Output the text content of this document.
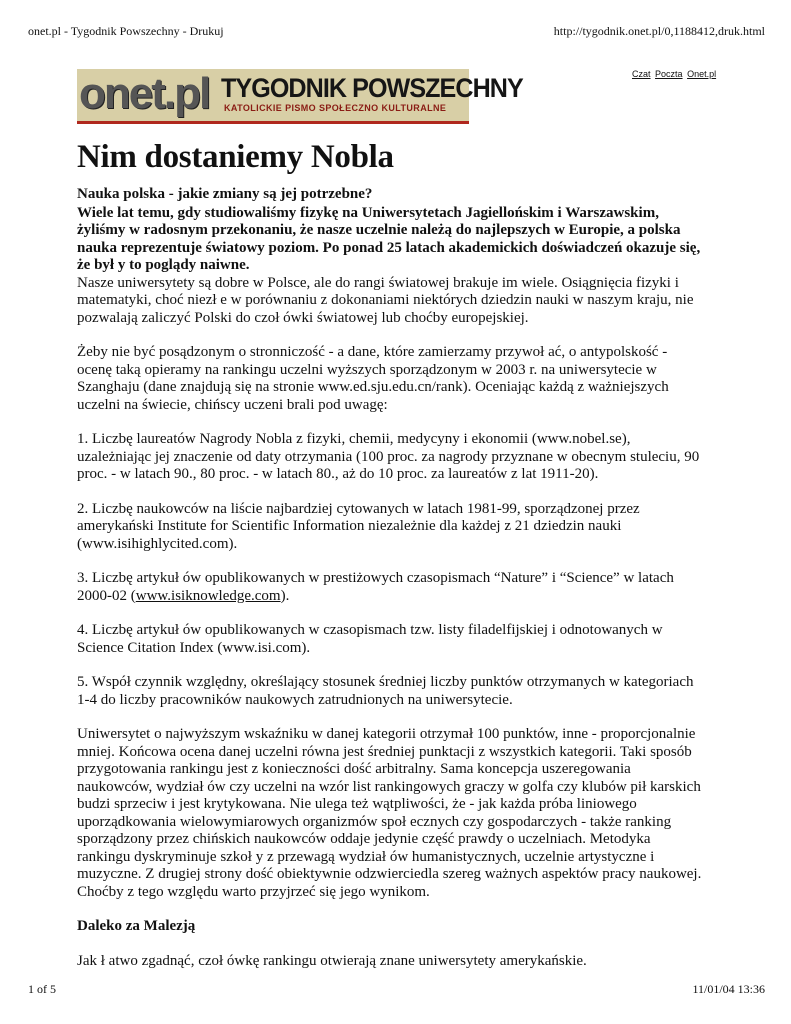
onet.pl - Tygodnik Powszechny - Drukuj	http://tygodnik.onet.pl/0,1188412,druk.html
onet.pl TYGODNIK POWSZECHNY
KATOLICKIE PISMO SPOŁECZNO KULTURALNE
Czat Poczta Onet.pl
Nim dostaniemy Nobla
Nauka polska - jakie zmiany są jej potrzebne?
Wiele lat temu, gdy studiowaliśmy fizykę na Uniwersytetach Jagiellońskim i Warszawskim, żyliśmy w radosnym przekonaniu, że nasze uczelnie należą do najlepszych w Europie, a polska nauka reprezentuje światowy poziom. Po ponad 25 latach akademickich doświadczeń okazuje się, że był y to poglądy naiwne.

Nasze uniwersytety są dobre w Polsce, ale do rangi światowej brakuje im wiele. Osiągnięcia fizyki i matematyki, choć niezł e w porównaniu z dokonaniami niektórych dziedzin nauki w naszym kraju, nie pozwalają zaliczyć Polski do czoł ówki światowej lub choćby europejskiej.

Żeby nie być posądzonym o stronniczość - a dane, które zamierzamy przywoł ać, o antypolskość - ocenę taką opieramy na rankingu uczelni wyższych sporządzonym w 2003 r. na uniwersytecie w Szanghaju (dane znajdują się na stronie www.ed.sju.edu.cn/rank). Oceniając każdą z ważniejszych uczelni na świecie, chińscy uczeni brali pod uwagę:

1. Liczbę laureatów Nagrody Nobla z fizyki, chemii, medycyny i ekonomii (www.nobel.se), uzależniając jej znaczenie od daty otrzymania (100 proc. za nagrody przyznane w obecnym stuleciu, 90 proc. - w latach 90., 80 proc. - w latach 80., aż do 10 proc. za laureatów z lat 1911-20).

2. Liczbę naukowców na liście najbardziej cytowanych w latach 1981-99, sporządzonej przez amerykański Institute for Scientific Information niezależnie dla każdej z 21 dziedzin nauki (www.isihighlycited.com).

3. Liczbę artykuł ów opublikowanych w prestiżowych czasopismach “Nature” i “Science” w latach 2000-02 (www.isiknowledge.com).

4. Liczbę artykuł ów opublikowanych w czasopismach tzw. listy filadelfijskiej i odnotowanych w Science Citation Index (www.isi.com).

5. Współ czynnik względny, określający stosunek średniej liczby punktów otrzymanych w kategoriach 1-4 do liczby pracowników naukowych zatrudnionych na uniwersytecie.

Uniwersytet o najwyższym wskaźniku w danej kategorii otrzymał 100 punktów, inne - proporcjonalnie mniej. Końcowa ocena danej uczelni równa jest średniej punktacji z wszystkich kategorii. Taki sposób przygotowania rankingu jest z konieczności dość arbitralny. Sama koncepcja uszeregowania naukowców, wydział ów czy uczelni na wzór list rankingowych graczy w golfa czy klubów pił karskich budzi sprzeciw i jest krytykowana. Nie ulega też wątpliwości, że - jak każda próba liniowego uporządkowania wielowymiarowych organizmów społ ecznych czy gospodarczych - także ranking sporządzony przez chińskich naukowców oddaje jedynie część prawdy o uczelniach. Metodyka rankingu dyskryminuje szkoł y z przewagą wydział ów humanistycznych, uczelnie artystyczne i muzyczne. Z drugiej strony dość obiektywnie odzwierciedla szereg ważnych aspektów pracy naukowej. Choćby z tego względu warto przyjrzeć się jego wynikom.

Daleko za Malezją

Jak ł atwo zgadnąć, czoł ówkę rankingu otwierają znane uniwersytety amerykańskie.

1 of 5	11/01/04 13:36
